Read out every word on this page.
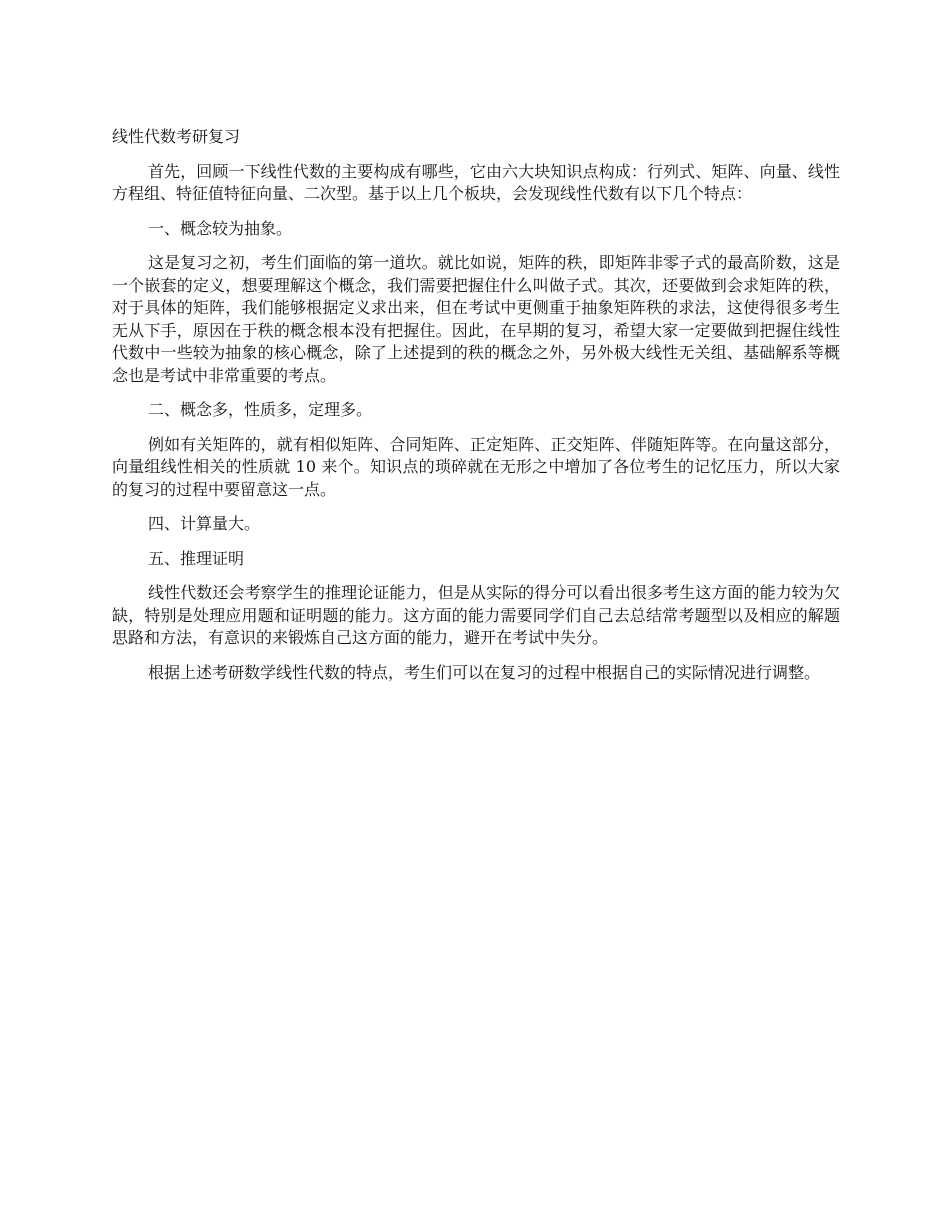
线性代数考研复习

首先，回顾一下线性代数的主要构成有哪些，它由六大块知识点构成：行列式、矩阵、向量、线性方程组、特征值特征向量、二次型。基于以上几个板块，会发现线性代数有以下几个特点：

一、概念较为抽象。

这是复习之初，考生们面临的第一道坎。就比如说，矩阵的秩，即矩阵非零子式的最高阶数，这是一个嵌套的定义，想要理解这个概念，我们需要把握住什么叫做子式。其次，还要做到会求矩阵的秩，对于具体的矩阵，我们能够根据定义求出来，但在考试中更侧重于抽象矩阵秩的求法，这使得很多考生无从下手，原因在于秩的概念根本没有把握住。因此，在早期的复习，希望大家一定要做到把握住线性代数中一些较为抽象的核心概念，除了上述提到的秩的概念之外，另外极大线性无关组、基础解系等概念也是考试中非常重要的考点。

二、概念多，性质多，定理多。

例如有关矩阵的，就有相似矩阵、合同矩阵、正定矩阵、正交矩阵、伴随矩阵等。在向量这部分，向量组线性相关的性质就 10 来个。知识点的琐碎就在无形之中增加了各位考生的记忆压力，所以大家的复习的过程中要留意这一点。

四、计算量大。

五、推理证明

线性代数还会考察学生的推理论证能力，但是从实际的得分可以看出很多考生这方面的能力较为欠缺，特别是处理应用题和证明题的能力。这方面的能力需要同学们自己去总结常考题型以及相应的解题思路和方法，有意识的来锻炼自己这方面的能力，避开在考试中失分。

根据上述考研数学线性代数的特点，考生们可以在复习的过程中根据自己的实际情况进行调整。
